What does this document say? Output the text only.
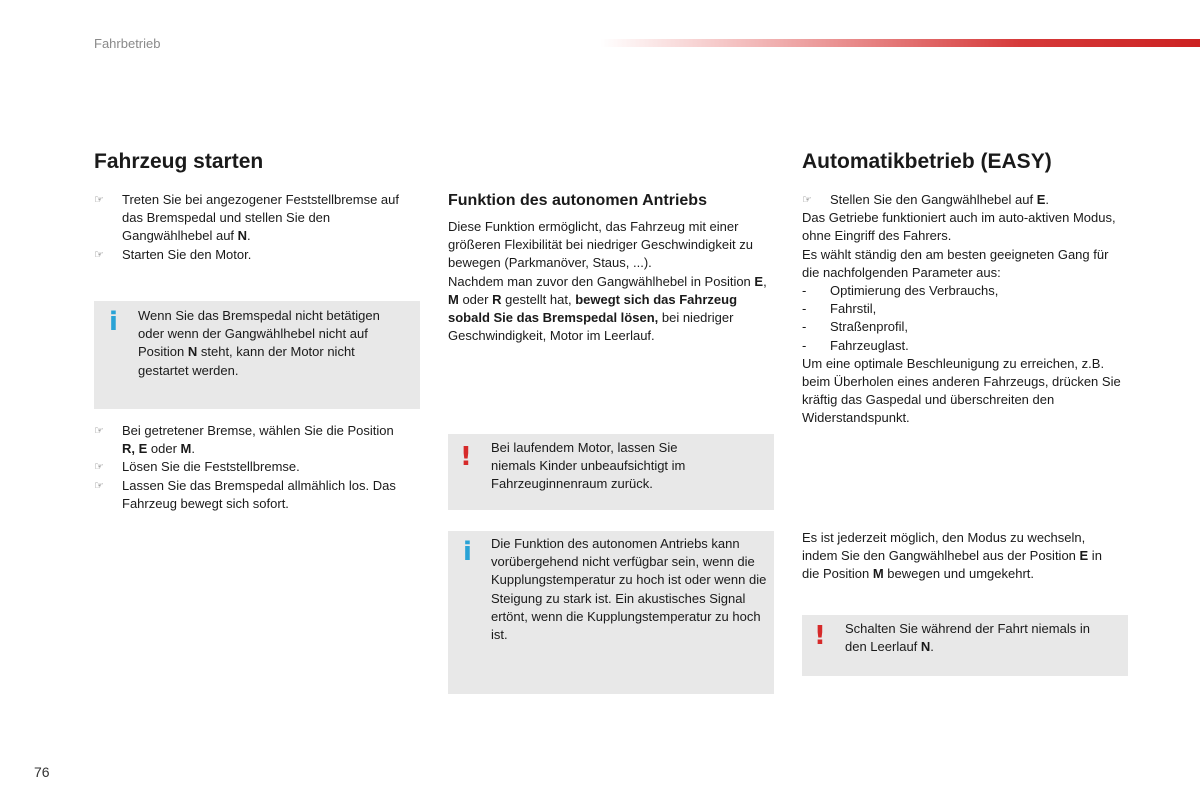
Fahrbetrieb
Fahrzeug starten
☞ Treten Sie bei angezogener Feststellbremse auf das Bremspedal und stellen Sie den Gangwählhebel auf N.
☞ Starten Sie den Motor.
i Wenn Sie das Bremspedal nicht betätigen oder wenn der Gangwählhebel nicht auf Position N steht, kann der Motor nicht gestartet werden.
☞ Bei getretener Bremse, wählen Sie die Position R, E oder M.
☞ Lösen Sie die Feststellbremse.
☞ Lassen Sie das Bremspedal allmählich los. Das Fahrzeug bewegt sich sofort.
Funktion des autonomen Antriebs
Diese Funktion ermöglicht, das Fahrzeug mit einer größeren Flexibilität bei niedriger Geschwindigkeit zu bewegen (Parkmanöver, Staus, ...).
Nachdem man zuvor den Gangwählhebel in Position E, M oder R gestellt hat, bewegt sich das Fahrzeug sobald Sie das Bremspedal lösen, bei niedriger Geschwindigkeit, Motor im Leerlauf.
! Bei laufendem Motor, lassen Sie niemals Kinder unbeaufsichtigt im Fahrzeuginnenraum zurück.
i Die Funktion des autonomen Antriebs kann vorübergehend nicht verfügbar sein, wenn die Kupplungstemperatur zu hoch ist oder wenn die Steigung zu stark ist. Ein akustisches Signal ertönt, wenn die Kupplungstemperatur zu hoch ist.
Automatikbetrieb (EASY)
☞ Stellen Sie den Gangwählhebel auf E.
Das Getriebe funktioniert auch im auto-aktiven Modus, ohne Eingriff des Fahrers.
Es wählt ständig den am besten geeigneten Gang für die nachfolgenden Parameter aus:
- Optimierung des Verbrauchs,
- Fahrstil,
- Straßenprofil,
- Fahrzeuglast.
Um eine optimale Beschleunigung zu erreichen, z.B. beim Überholen eines anderen Fahrzeugs, drücken Sie kräftig das Gaspedal und überschreiten den Widerstandspunkt.
Es ist jederzeit möglich, den Modus zu wechseln, indem Sie den Gangwählhebel aus der Position E in die Position M bewegen und umgekehrt.
! Schalten Sie während der Fahrt niemals in den Leerlauf N.
76
